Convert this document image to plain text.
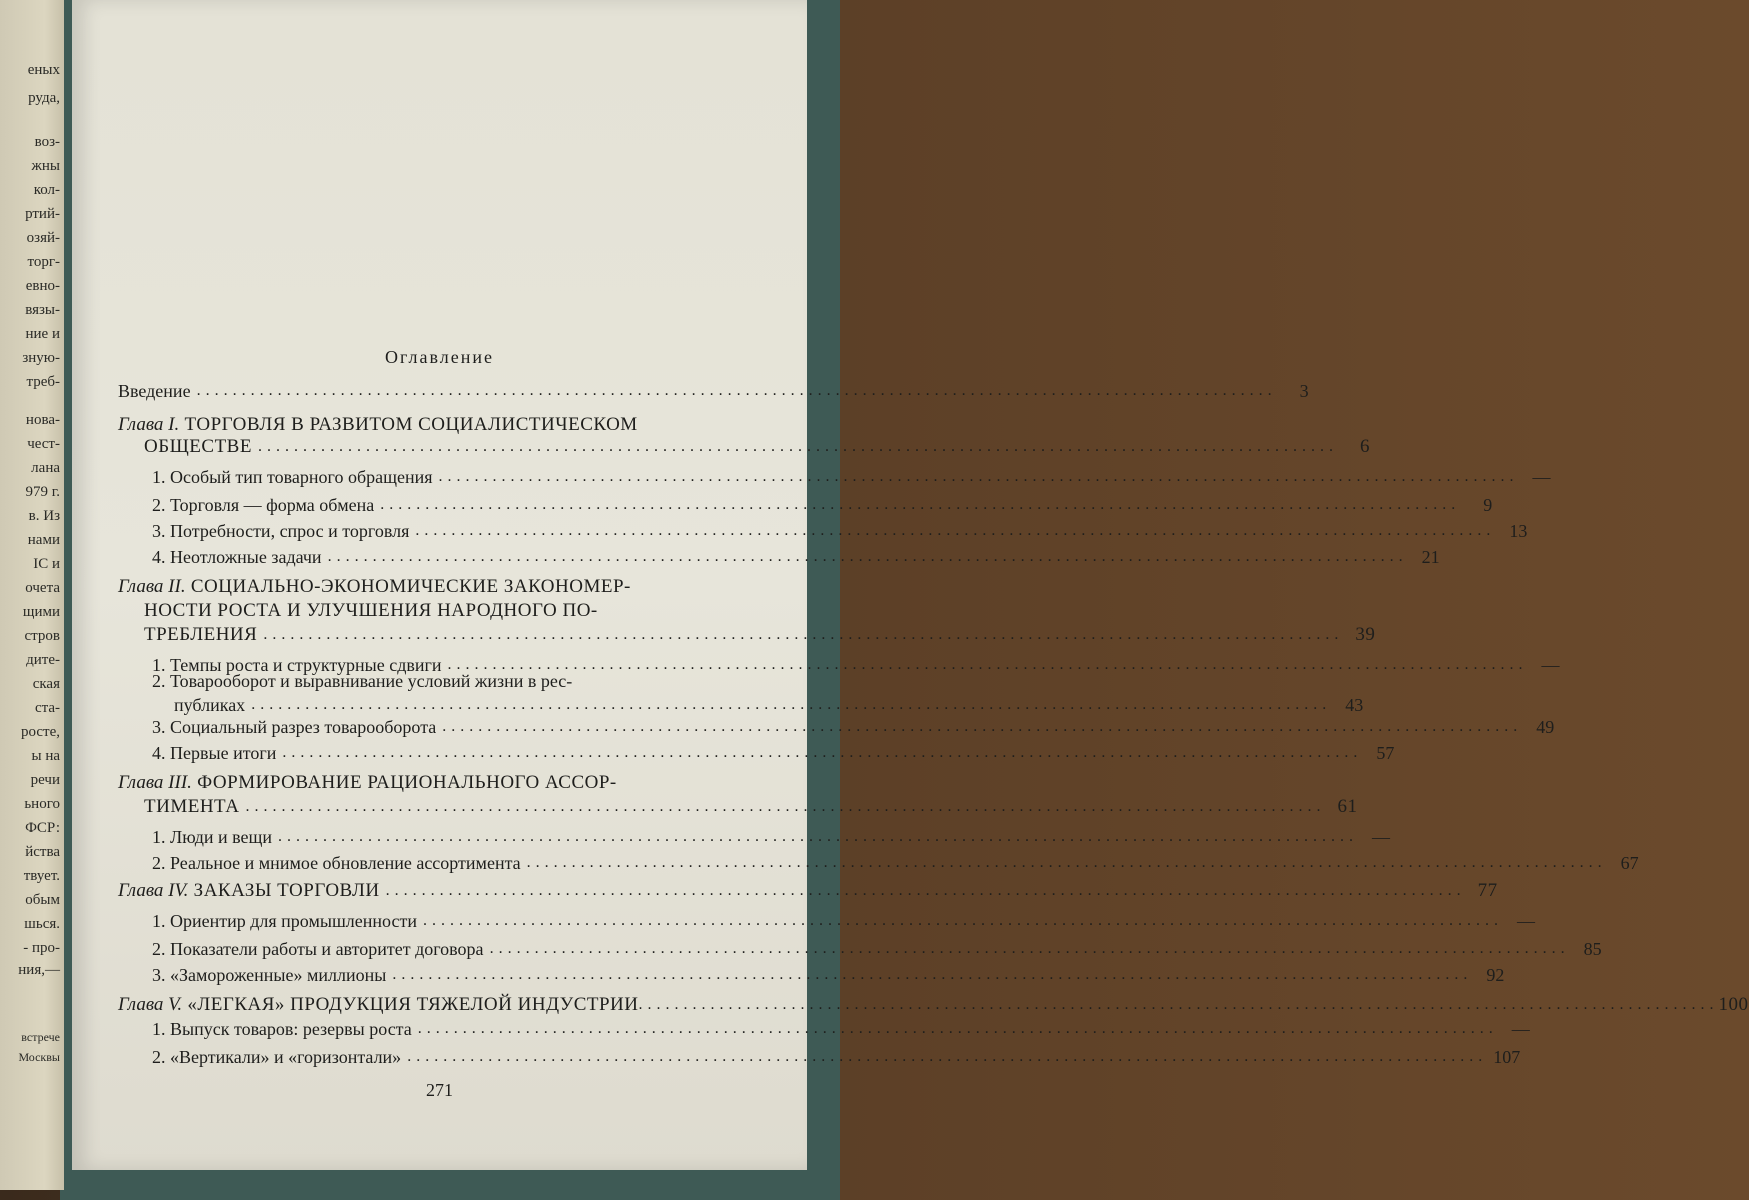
еных
руда,
воз-
жны
кол-
ртий-
озяй-
торг-
евно-
вязы-
ние и
зную-
треб-
нова-
чест-
лана
979 г.
в. Из
нами
ІС и
очета
щими
стров
дите-
ская
ста-
росте,
ы на
речи
ьного
ФСР:
йства
твует.
обым
шься.
- про-
ния,—
встрече
Москвы
Оглавление
Введение ........................................................................................................................	3
Глава I. ТОРГОВЛЯ В РАЗВИТОМ СОЦИАЛИСТИЧЕСКОМ
ОБЩЕСТВЕ ........................................................................................................................	6
1. Особый тип товарного обращения ........................................................................................................................ —
2. Торговля — форма обмена ........................................................................................................................	9
3. Потребности, спрос и торговля ........................................................................................................................ 13
4. Неотложные задачи ........................................................................................................................ 21
Глава II. СОЦИАЛЬНО-ЭКОНОМИЧЕСКИЕ ЗАКОНОМЕР-
НОСТИ РОСТА И УЛУЧШЕНИЯ НАРОДНОГО ПО-
ТРЕБЛЕНИЯ ........................................................................................................................ 39
1. Темпы роста и структурные сдвиги ........................................................................................................................ —
2. Товарооборот и выравнивание условий жизни в рес-
публиках ........................................................................................................................ 43
3. Социальный разрез товарооборота ........................................................................................................................ 49
4. Первые итоги ........................................................................................................................ 57
Глава III. ФОРМИРОВАНИЕ РАЦИОНАЛЬНОГО АССОР-
ТИМЕНТА ........................................................................................................................ 61
1. Люди и вещи ........................................................................................................................ —
2. Реальное и мнимое обновление ассортимента ........................................................................................................................ 67
Глава IV. ЗАКАЗЫ ТОРГОВЛИ ........................................................................................................................ 77
1. Ориентир для промышленности ........................................................................................................................ —
2. Показатели работы и авторитет договора ........................................................................................................................ 85
3. «Замороженные» миллионы ........................................................................................................................ 92
Глава V. «ЛЕГКАЯ» ПРОДУКЦИЯ ТЯЖЕЛОЙ ИНДУСТРИИ ........................................................................................................................ 100
1. Выпуск товаров: резервы роста ........................................................................................................................ —
2. «Вертикали» и «горизонтали» ........................................................................................................................ 107
271
